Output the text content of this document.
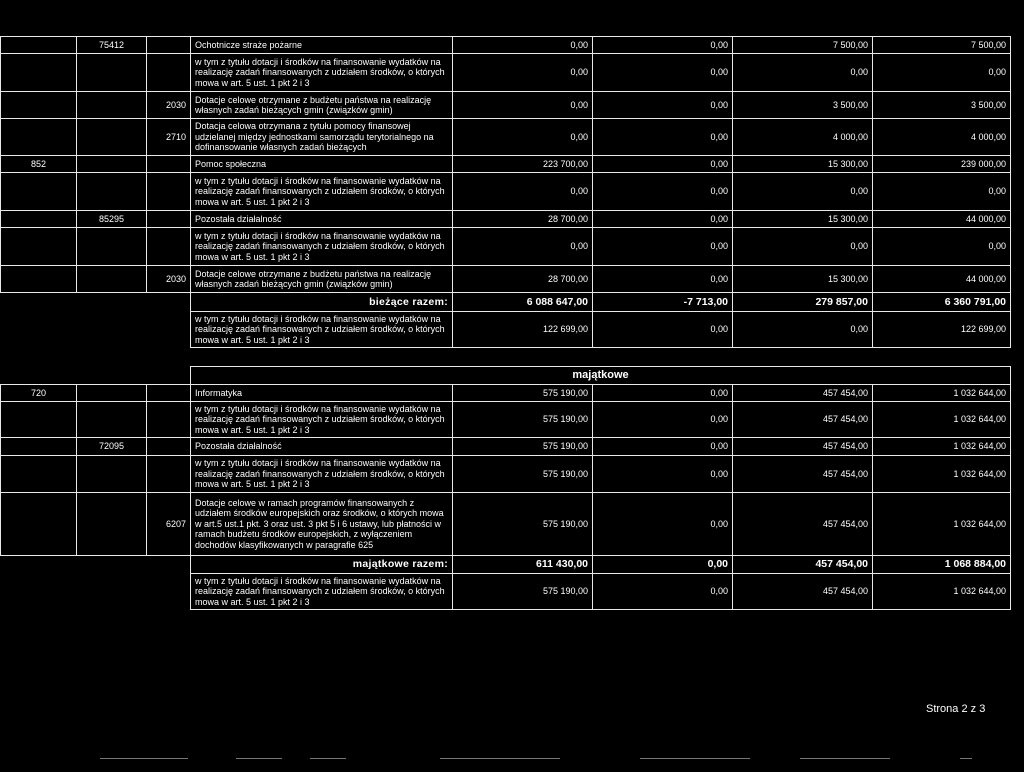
	75412		Ochotnicze straże pożarne	0,00	0,00	7 500,00	7 500,00
			w tym z tytułu dotacji i środków na finansowanie wydatków na realizację zadań finansowanych z udziałem środków, o których mowa w art. 5 ust. 1 pkt 2 i 3	0,00	0,00	0,00	0,00
		2030	Dotacje celowe otrzymane z budżetu państwa na realizację własnych zadań bieżących gmin (związków gmin)	0,00	0,00	3 500,00	3 500,00
		2710	Dotacja celowa otrzymana z tytułu pomocy finansowej udzielanej między jednostkami samorządu terytorialnego na dofinansowanie własnych zadań bieżących	0,00	0,00	4 000,00	4 000,00
852			Pomoc społeczna	223 700,00	0,00	15 300,00	239 000,00
			w tym z tytułu dotacji i środków na finansowanie wydatków na realizację zadań finansowanych z udziałem środków, o których mowa w art. 5 ust. 1 pkt 2 i 3	0,00	0,00	0,00	0,00
	85295		Pozostała działalność	28 700,00	0,00	15 300,00	44 000,00
			w tym z tytułu dotacji i środków na finansowanie wydatków na realizację zadań finansowanych z udziałem środków, o których mowa w art. 5 ust. 1 pkt 2 i 3	0,00	0,00	0,00	0,00
		2030	Dotacje celowe otrzymane z budżetu państwa na realizację własnych zadań bieżących gmin (związków gmin)	28 700,00	0,00	15 300,00	44 000,00
			bieżące razem:	6 088 647,00	-7 713,00	279 857,00	6 360 791,00
			w tym z tytułu dotacji i środków na finansowanie wydatków na realizację zadań finansowanych z udziałem środków, o których mowa w art. 5 ust. 1 pkt 2 i 3	122 699,00	0,00	0,00	122 699,00
			majątkowe				
720			Informatyka	575 190,00	0,00	457 454,00	1 032 644,00
			w tym z tytułu dotacji i środków na finansowanie wydatków na realizację zadań finansowanych z udziałem środków, o których mowa w art. 5 ust. 1 pkt 2 i 3	575 190,00	0,00	457 454,00	1 032 644,00
	72095		Pozostała działalność	575 190,00	0,00	457 454,00	1 032 644,00
			w tym z tytułu dotacji i środków na finansowanie wydatków na realizację zadań finansowanych z udziałem środków, o których mowa w art. 5 ust. 1 pkt 2 i 3	575 190,00	0,00	457 454,00	1 032 644,00
		6207	Dotacje celowe w ramach programów finansowanych z udziałem środków europejskich oraz środków, o których mowa w art.5 ust.1 pkt. 3 oraz ust. 3 pkt 5 i 6 ustawy, lub płatności w ramach budżetu środków europejskich, z wyłączeniem dochodów klasyfikowanych w paragrafie 625	575 190,00	0,00	457 454,00	1 032 644,00
			majątkowe razem:	611 430,00	0,00	457 454,00	1 068 884,00
			w tym z tytułu dotacji i środków na finansowanie wydatków na realizację zadań finansowanych z udziałem środków, o których mowa w art. 5 ust. 1 pkt 2 i 3	575 190,00	0,00	457 454,00	1 032 644,00
Strona 2 z 3
